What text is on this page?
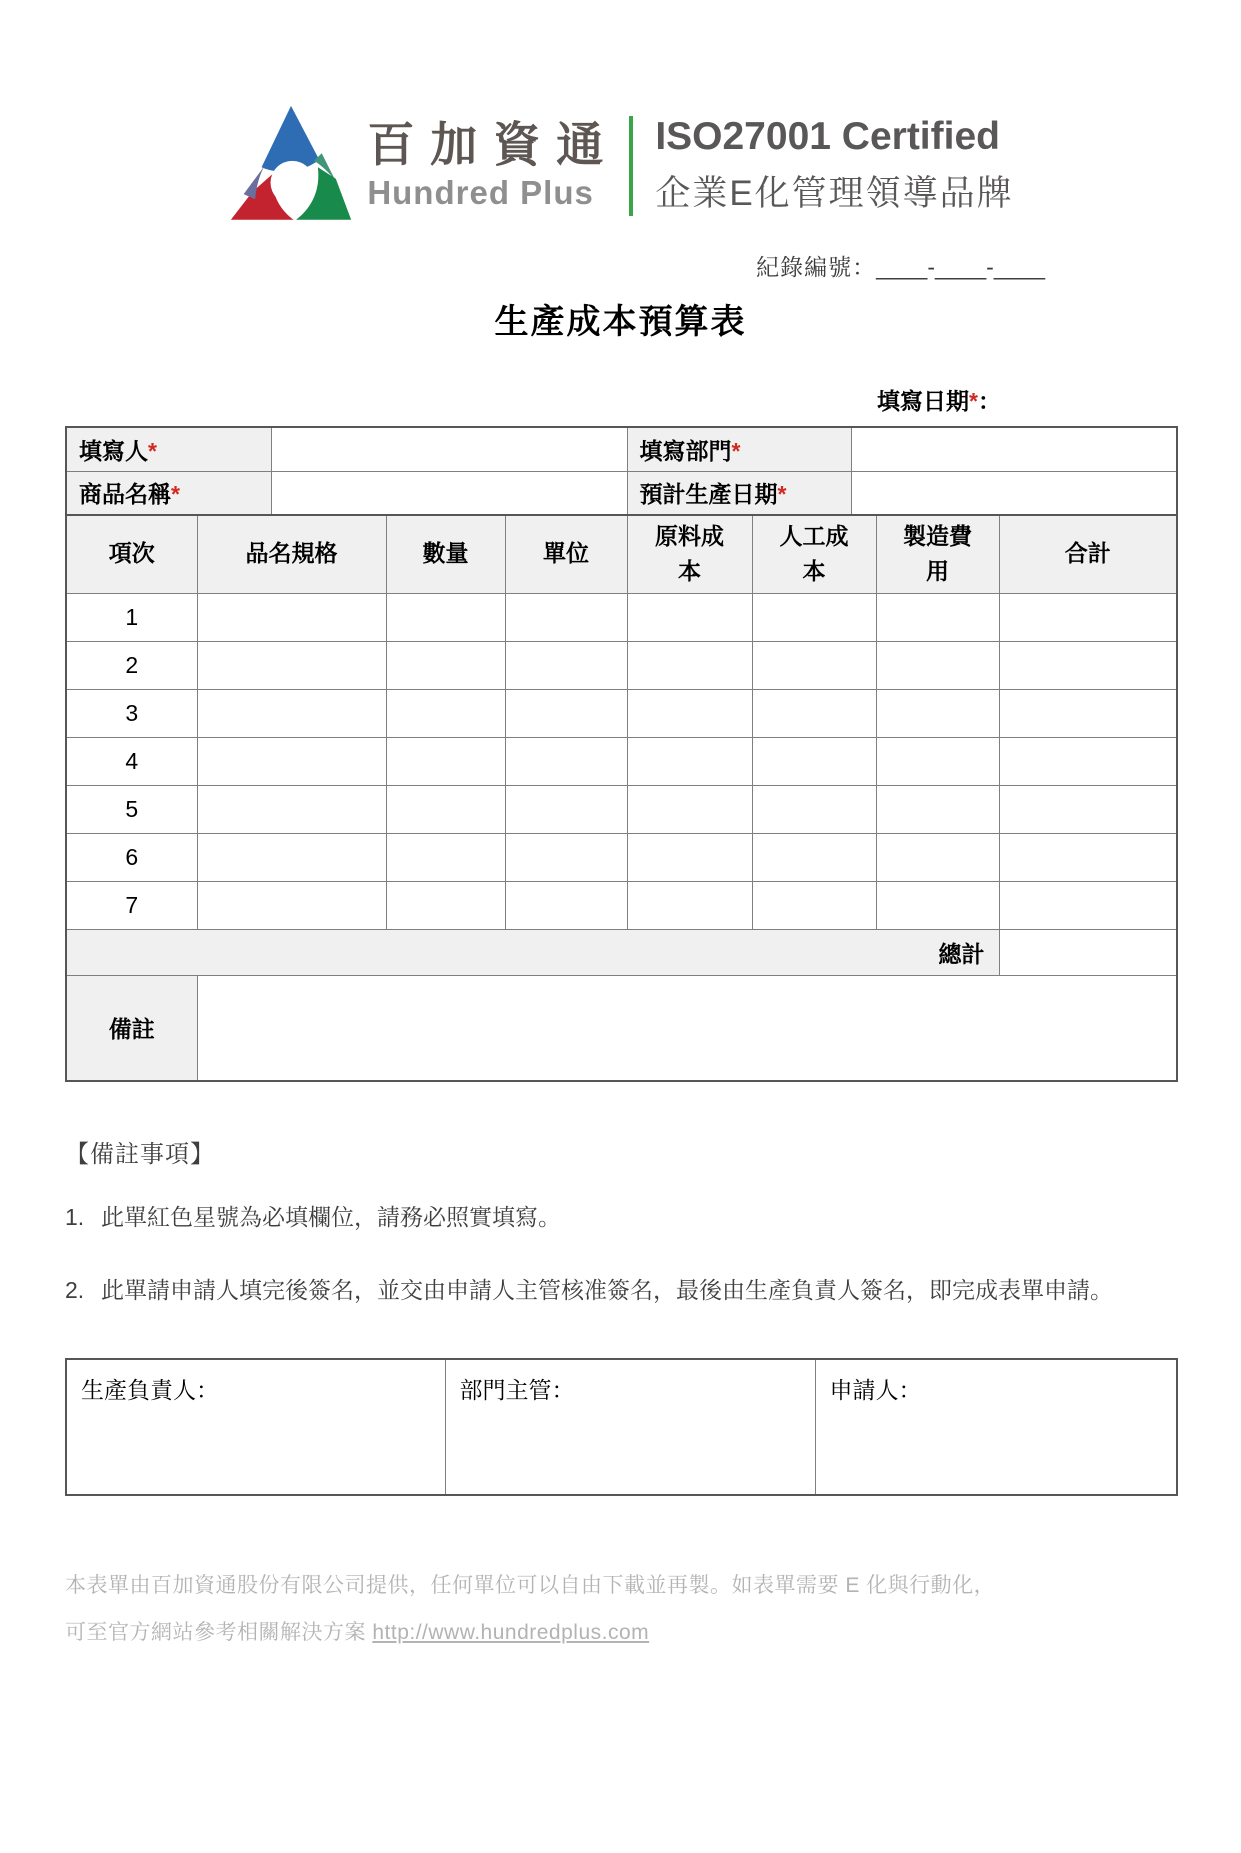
百加資通
Hundred Plus
ISO27001 Certified
企業E化管理領導品牌
紀錄編號：____-____-____
生產成本預算表
填寫日期*：
填寫人*		填寫部門*	
商品名稱*		預計生產日期*	
項次	品名規格	數量	單位	原料成本	人工成本	製造費用	合計
1							
2							
3							
4							
5							
6							
7							
總計							
備註							
【備註事項】
1. 此單紅色星號為必填欄位，請務必照實填寫。
2. 此單請申請人填完後簽名，並交由申請人主管核准簽名，最後由生產負責人簽名，即完成表單申請。
生產負責人：	部門主管：	申請人：
本表單由百加資通股份有限公司提供，任何單位可以自由下載並再製。如表單需要 E 化與行動化，
可至官方網站參考相關解決方案 http://www.hundredplus.com
